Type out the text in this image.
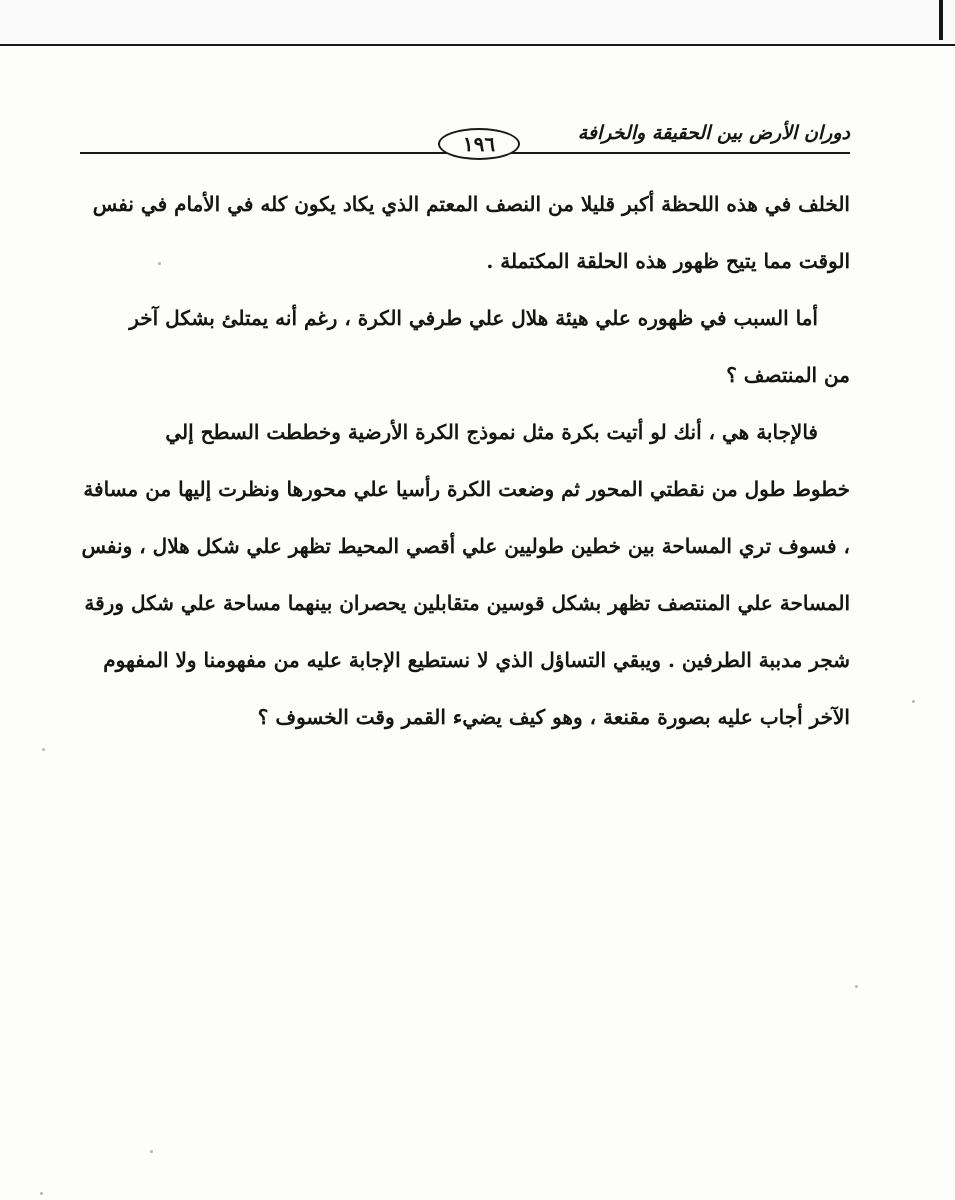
دوران الأرض بين الحقيقة والخرافة
١٩٦
الخلف في هذه اللحظة أكبر قليلا من النصف المعتم الذي يكاد يكون كله في الأمام في نفس
الوقت مما يتيح ظهور هذه الحلقة المكتملة .
أما السبب في ظهوره علي هيئة هلال علي طرفي الكرة ، رغم أنه يمتلئ بشكل آخر
من المنتصف ؟
فالإجابة هي ، أنك لو أتيت بكرة مثل نموذج الكرة الأرضية وخططت السطح إلي
خطوط طول من نقطتي المحور ثم وضعت الكرة رأسيا علي محورها ونظرت إليها من مسافة
، فسوف تري المساحة بين خطين طوليين علي أقصي المحيط تظهر علي شكل هلال ، ونفس
المساحة علي المنتصف تظهر بشكل قوسين متقابلين يحصران بينهما مساحة علي شكل ورقة
شجر مدببة الطرفين . ويبقي التساؤل الذي لا نستطيع الإجابة عليه من مفهومنا ولا المفهوم
الآخر أجاب عليه بصورة مقنعة ، وهو كيف يضيء القمر وقت الخسوف ؟
